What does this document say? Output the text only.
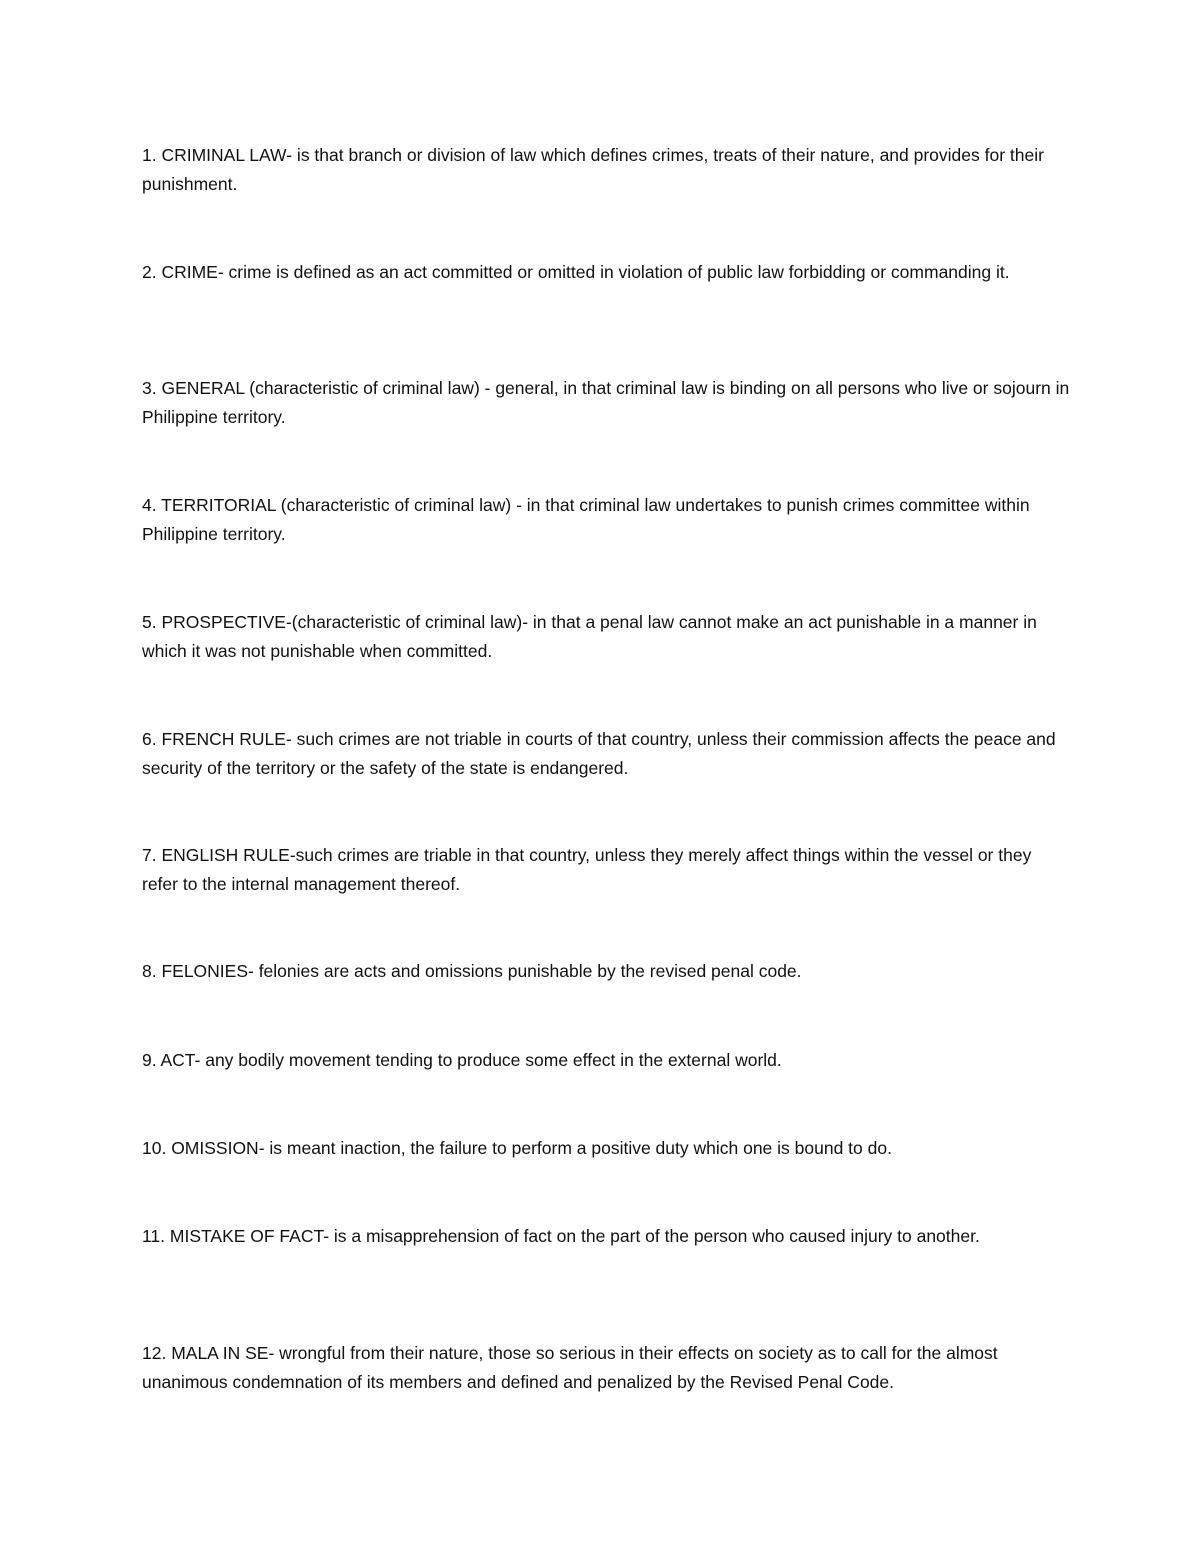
1. CRIMINAL LAW- is that branch or division of law which defines crimes, treats of their nature, and provides for their punishment.

2. CRIME- crime is defined as an act committed or omitted in violation of public law forbidding or commanding it.

3. GENERAL (characteristic of criminal law) - general, in that criminal law is binding on all persons who live or sojourn in Philippine territory.

4. TERRITORIAL (characteristic of criminal law) - in that criminal law undertakes to punish crimes committee within Philippine territory.

5. PROSPECTIVE-(characteristic of criminal law)- in that a penal law cannot make an act punishable in a manner in which it was not punishable when committed.

6. FRENCH RULE- such crimes are not triable in courts of that country, unless their commission affects the peace and security of the territory or the safety of the state is endangered.

7. ENGLISH RULE-such crimes are triable in that country, unless they merely affect things within the vessel or they refer to the internal management thereof.

8. FELONIES- felonies are acts and omissions punishable by the revised penal code.

9. ACT- any bodily movement tending to produce some effect in the external world.

10. OMISSION- is meant inaction, the failure to perform a positive duty which one is bound to do.

11. MISTAKE OF FACT- is a misapprehension of fact on the part of the person who caused injury to another.

12. MALA IN SE- wrongful from their nature, those so serious in their effects on society as to call for the almost unanimous condemnation of its members and defined and penalized by the Revised Penal Code.
